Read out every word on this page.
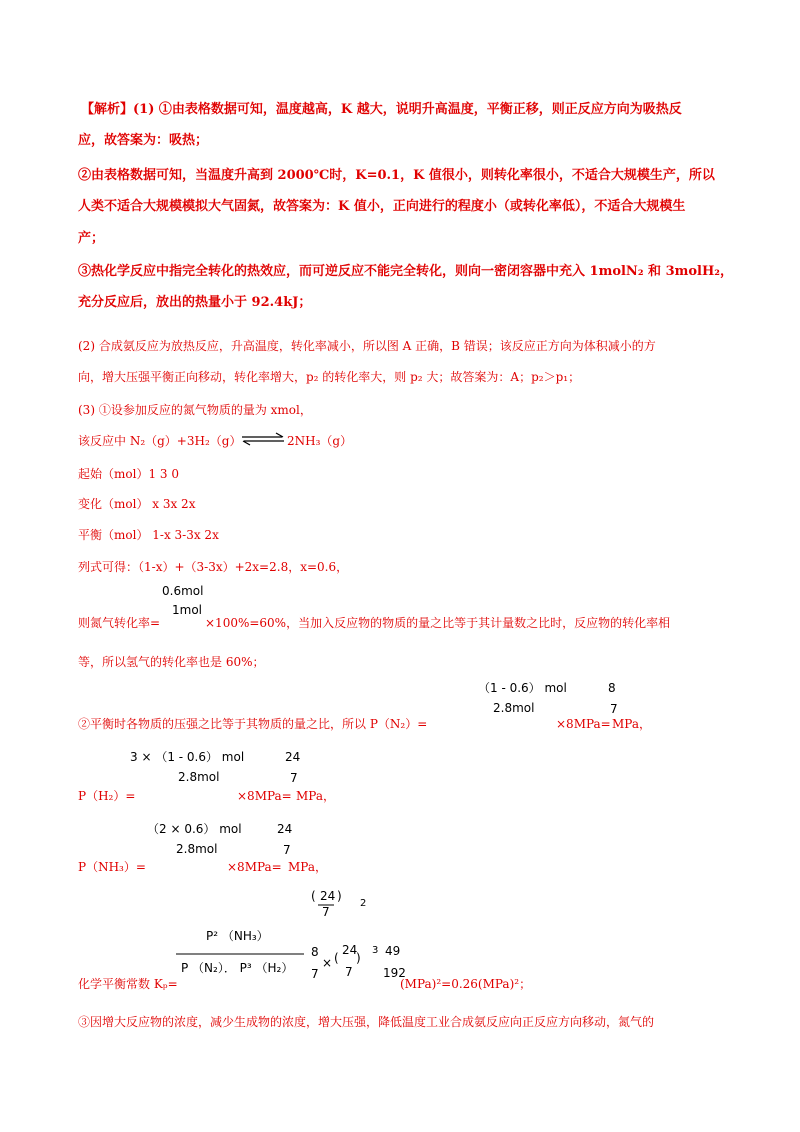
【解析】(1) ①由表格数据可知，温度越高，K 越大，说明升高温度，平衡正移，则正反应方向为吸热反
应，故答案为：吸热；
②由表格数据可知，当温度升高到 2000℃时，K=0.1，K 值很小，则转化率很小，不适合大规模生产，所以
人类不适合大规模模拟大气固氮，故答案为：K 值小，正向进行的程度小（或转化率低），不适合大规模生
产；
③热化学反应中指完全转化的热效应，而可逆反应不能完全转化，则向一密闭容器中充入 1molN₂ 和 3molH₂，
充分反应后，放出的热量小于 92.4kJ；
(2) 合成氨反应为放热反应，升高温度，转化率减小，所以图 A 正确，B 错误；该反应正方向为体积减小的方
向，增大压强平衡正向移动，转化率增大，p₂ 的转化率大，则 p₂ 大；故答案为：A；p₂＞p₁；
(3) ①设参加反应的氮气物质的量为 xmol，
该反应中 N₂（g）+3H₂（g） ⇌ 2NH₃（g）
起始（mol）1 3 0
变化（mol） x 3x 2x
平衡（mol） 1-x 3-3x 2x
列式可得：（1-x）+（3-3x）+2x=2.8，x=0.6，
0.6mol
1mol
则氮气转化率=	×100%=60%，当加入反应物的物质的量之比等于其计量数之比时，反应物的转化率相
等，所以氢气的转化率也是 60%；
（1 - 0.6） mol
2.8mol
8
7
②平衡时各物质的压强之比等于其物质的量之比，所以 P（N₂）=	×8MPa= MPa，
3 × （1 - 0.6） mol
2.8mol
24
7
P（H₂）=	×8MPa= MPa，
（2 × 0.6） mol
2.8mol
24
7
P（NH₃）=	×8MPa= MPa，
( 24
7
)
2
P² （NH₃）
P （N₂）． P³ （H₂）
8
7
× (
24
7
)
3 49
192
化学平衡常数 Kₚ=	(MPa)²=0.26(MPa)²；
③因增大反应物的浓度，减少生成物的浓度，增大压强，降低温度工业合成氨反应向正反应方向移动，氮气的
